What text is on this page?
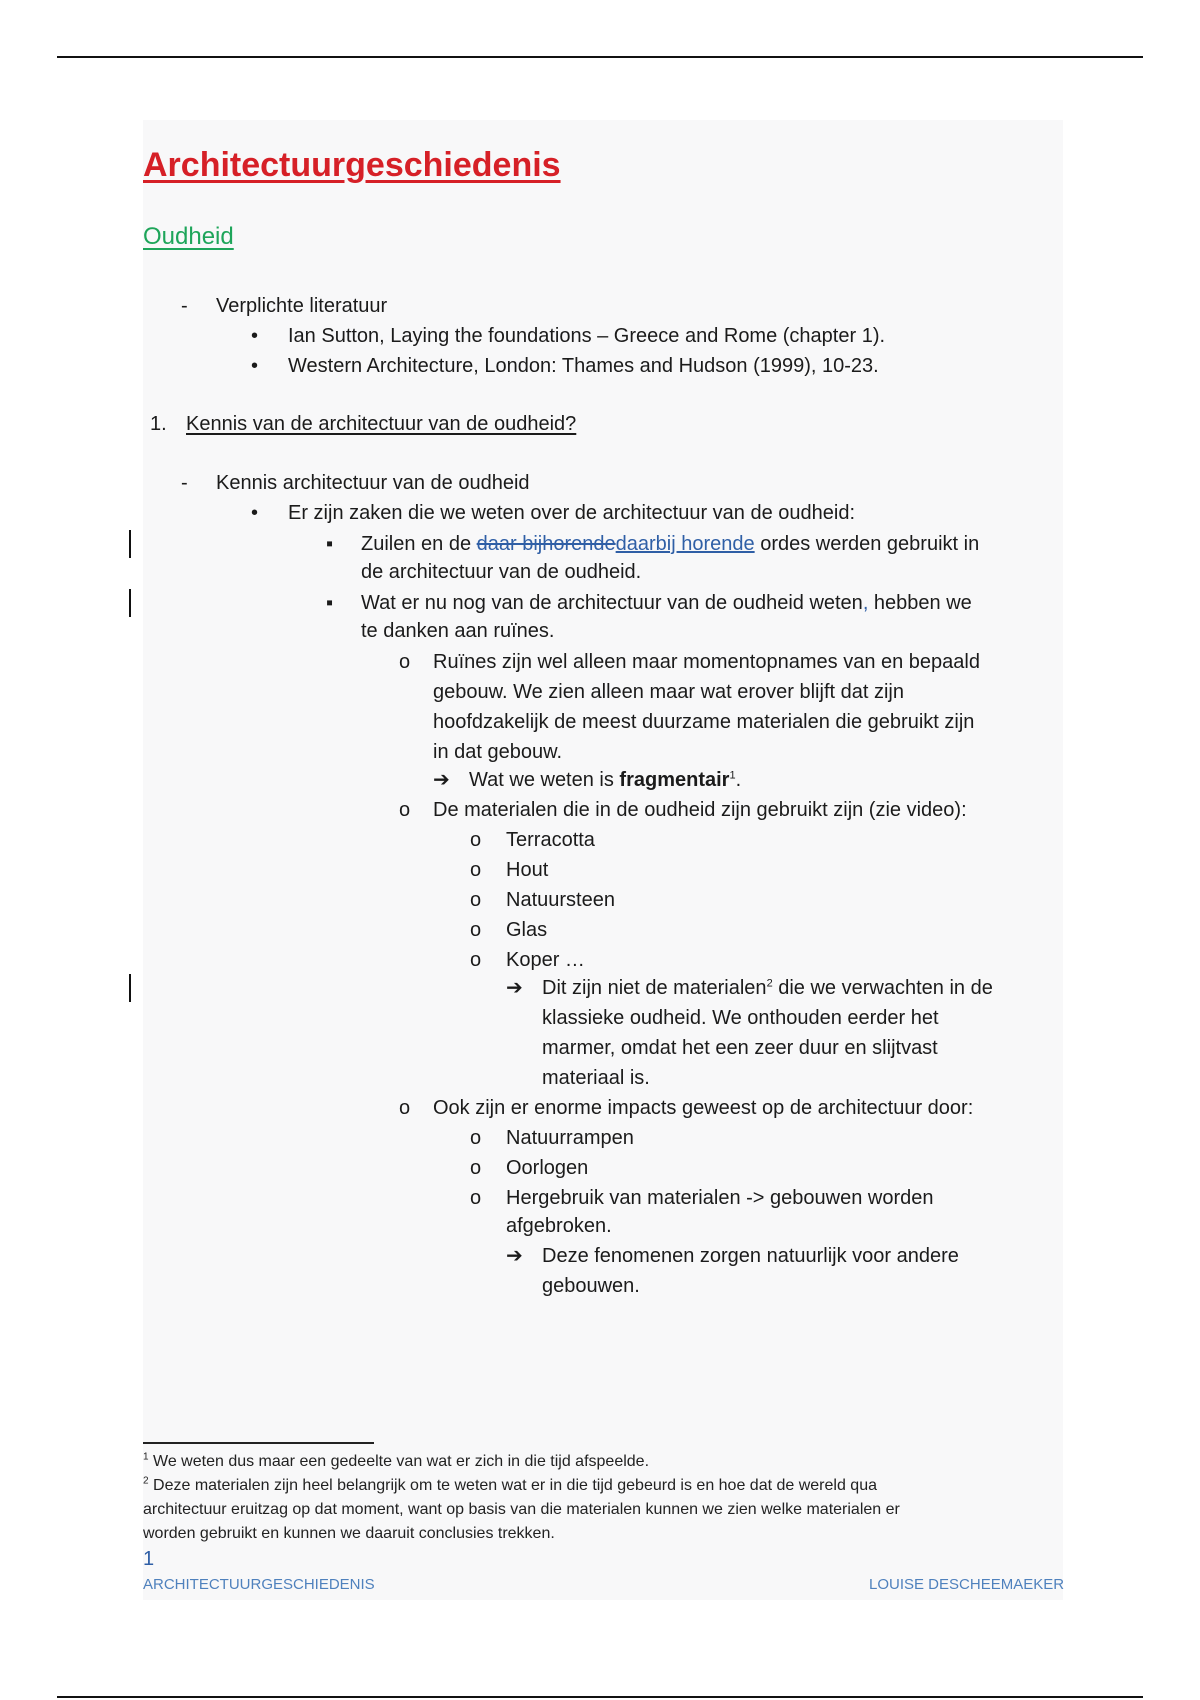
Architectuurgeschiedenis
Oudheid
- Verplichte literatuur
• Ian Sutton, Laying the foundations – Greece and Rome (chapter 1).
• Western Architecture, London: Thames and Hudson (1999), 10-23.
1. Kennis van de architectuur van de oudheid?
- Kennis architectuur van de oudheid
• Er zijn zaken die we weten over de architectuur van de oudheid:
▪ Zuilen en de daar bijhorendedaarbij horende ordes werden gebruikt in
de architectuur van de oudheid.
▪ Wat er nu nog van de architectuur van de oudheid weten, hebben we
te danken aan ruïnes.
o Ruïnes zijn wel alleen maar momentopnames van en bepaald
gebouw. We zien alleen maar wat erover blijft dat zijn
hoofdzakelijk de meest duurzame materialen die gebruikt zijn
in dat gebouw.
➔ Wat we weten is fragmentair$^1$.
o De materialen die in de oudheid zijn gebruikt zijn (zie video):
o Terracotta
o Hout
o Natuursteen
o Glas
o Koper …
➔ Dit zijn niet de materialen$^2$ die we verwachten in de
klassieke oudheid. We onthouden eerder het
marmer, omdat het een zeer duur en slijtvast
materiaal is.
o Ook zijn er enorme impacts geweest op de architectuur door:
o Natuurrampen
o Oorlogen
o Hergebruik van materialen -> gebouwen worden
afgebroken.
➔ Deze fenomenen zorgen natuurlijk voor andere
gebouwen.
$^1$ We weten dus maar een gedeelte van wat er zich in die tijd afspeelde.
$^2$ Deze materialen zijn heel belangrijk om te weten wat er in die tijd gebeurd is en hoe dat de wereld qua
architectuur eruitzag op dat moment, want op basis van die materialen kunnen we zien welke materialen er
worden gebruikt en kunnen we daaruit conclusies trekken.
1
ARCHITECTUURGESCHIEDENIS	LOUISE DESCHEEMAEKER
